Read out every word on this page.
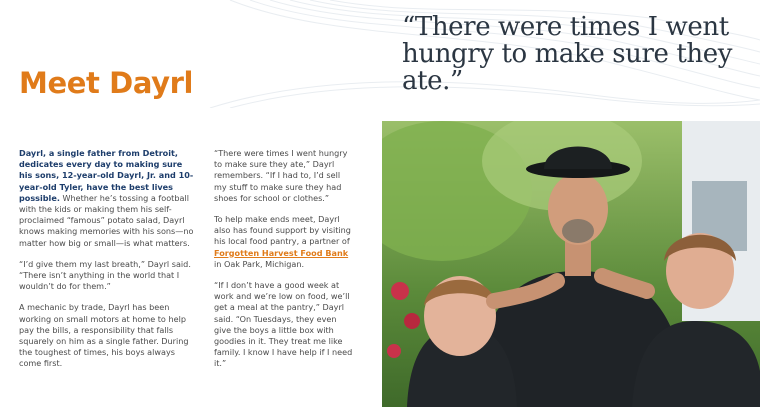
Meet Dayrl

“There were times I went hungry to make sure they ate.”

Dayrl, a single father from Detroit, dedicates every day to making sure his sons, 12-year-old Dayrl, Jr. and 10-year-old Tyler, have the best lives possible. Whether he’s tossing a football with the kids or making them his self-proclaimed “famous” potato salad, Dayrl knows making memories with his sons—no matter how big or small—is what matters.

“I’d give them my last breath,” Dayrl said. “There isn’t anything in the world that I wouldn’t do for them.”

A mechanic by trade, Dayrl has been working on small motors at home to help pay the bills, a responsibility that falls squarely on him as a single father. During the toughest of times, his boys always come first.

“There were times I went hungry to make sure they ate,” Dayrl remembers. “If I had to, I’d sell my stuff to make sure they had shoes for school or clothes.”

To help make ends meet, Dayrl also has found support by visiting his local food pantry, a partner of Forgotten Harvest Food Bank in Oak Park, Michigan.

“If I don’t have a good week at work and we’re low on food, we’ll get a meal at the pantry,” Dayrl said. “On Tuesdays, they even give the boys a little box with goodies in it. They treat me like family. I know I have help if I need it.”
